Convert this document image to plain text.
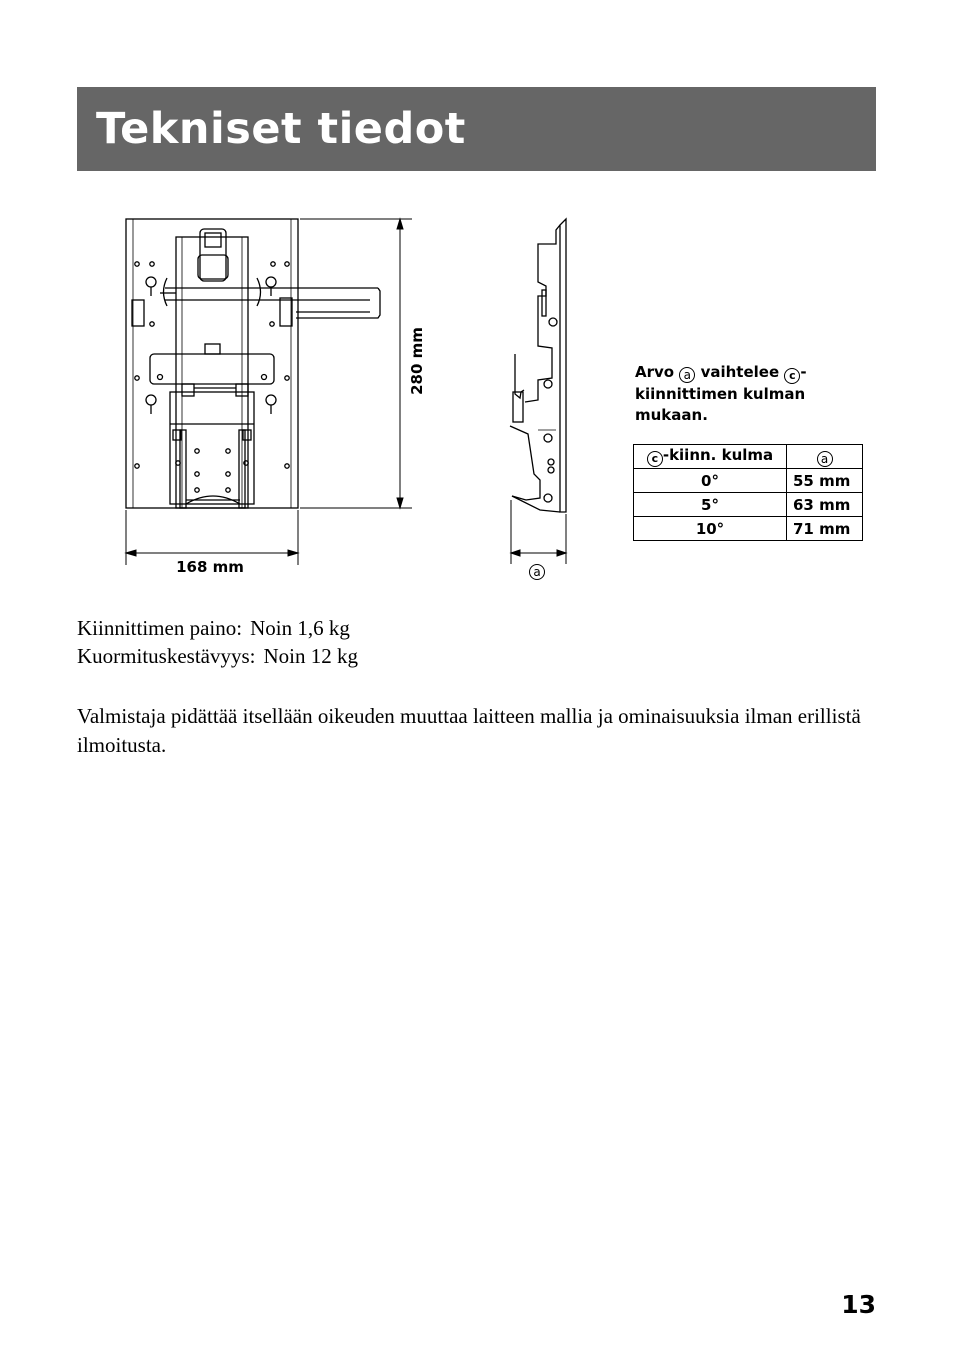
Tekniset tiedot
168 mm
280 mm
a
Arvo a vaihtelee c -kiinnittimen kulman mukaan.
c -kiinn. kulma	a
0°	55 mm
5°	63 mm
10°	71 mm
Kiinnittimen paino: Noin 1,6 kg
Kuormituskestävyys: Noin 12 kg
Valmistaja pidättää itsellään oikeuden muuttaa laitteen mallia ja ominaisuuksia ilman erillistä ilmoitusta.
13
